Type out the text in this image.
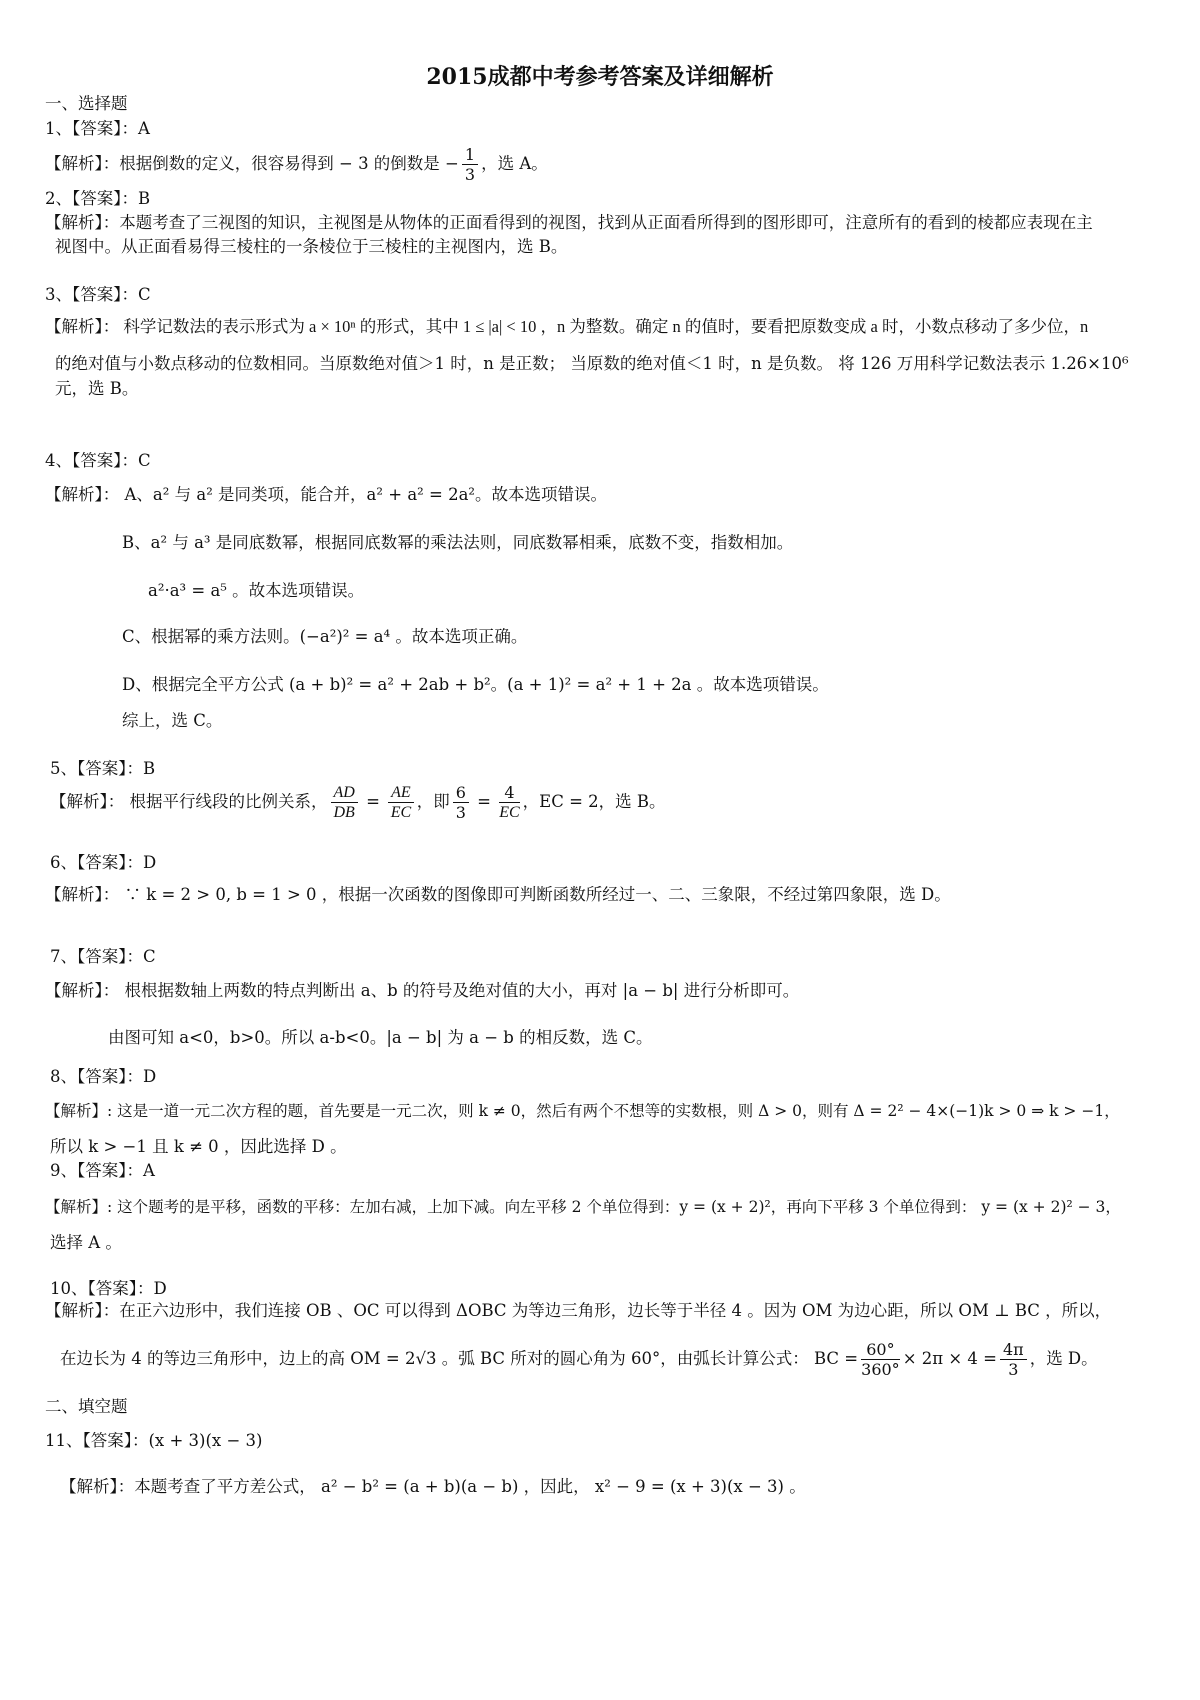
2015成都中考参考答案及详细解析
一、选择题
1、【答案】：A
【解析】：根据倒数的定义，很容易得到 − 3 的倒数是 − $\frac{1}{3}$ ，选 A。
2、【答案】：B
【解析】：本题考查了三视图的知识，主视图是从物体的正面看得到的视图，找到从正面看所得到的图形即可，注意所有的看到的棱都应表现在主
视图中。从正面看易得三棱柱的一条棱位于三棱柱的主视图内，选 B。
3、【答案】：C
【解析】： 科学记数法的表示形式为 a × 10ⁿ 的形式，其中 1 ≤ |a| < 10 ，n 为整数。确定 n 的值时，要看把原数变成 a 时，小数点移动了多少位，n
的绝对值与小数点移动的位数相同。当原数绝对值＞1 时，n 是正数； 当原数的绝对值＜1 时，n 是负数。 将 126 万用科学记数法表示 1.26×10⁶
元，选 B。
4、【答案】：C
【解析】： A、a² 与 a² 是同类项，能合并，a² + a² = 2a²。故本选项错误。
B、a² 与 a³ 是同底数幂，根据同底数幂的乘法法则，同底数幂相乘，底数不变，指数相加。
a²·a³ = a⁵ 。故本选项错误。
C、根据幂的乘方法则。(−a²)² = a⁴ 。故本选项正确。
D、根据完全平方公式 (a + b)² = a² + 2ab + b²。(a + 1)² = a² + 1 + 2a 。故本选项错误。
综上，选 C。
5、【答案】：B
【解析】： 根据平行线段的比例关系， $\frac{AD}{DB} = \frac{AE}{EC}$ ，即 $\frac{6}{3} = \frac{4}{EC}$ ，EC = 2，选 B。
6、【答案】：D
【解析】： ∵ k = 2 > 0, b = 1 > 0 ，根据一次函数的图像即可判断函数所经过一、二、三象限，不经过第四象限，选 D。
7、【答案】：C
【解析】： 根根据数轴上两数的特点判断出 a、b 的符号及绝对值的大小，再对 |a − b| 进行分析即可。
由图可知 a<0，b>0。所以 a-b<0。|a − b| 为 a − b 的相反数，选 C。
8、【答案】：D
【解析】: 这是一道一元二次方程的题，首先要是一元二次，则 k ≠ 0，然后有两个不想等的实数根，则 Δ > 0，则有 Δ = 2² − 4×(−1)k > 0 ⇒ k > −1，
所以 k > −1 且 k ≠ 0 ，因此选择 D 。
9、【答案】：A
【解析】: 这个题考的是平移，函数的平移：左加右减，上加下减。向左平移 2 个单位得到：y = (x + 2)²，再向下平移 3 个单位得到： y = (x + 2)² − 3，
选择 A 。
10、【答案】：D
【解析】：在正六边形中，我们连接 OB 、OC 可以得到 ΔOBC 为等边三角形，边长等于半径 4 。因为 OM 为边心距，所以 OM ⊥ BC ，所以，
在边长为 4 的等边三角形中，边上的高 OM = 2√3 。弧 BC 所对的圆心角为 60°，由弧长计算公式： BC = $\frac{60^\circ}{360^\circ} \times 2\pi \times 4 = \frac{4\pi}{3}$ ，选 D。
二、填空题
11、【答案】：(x + 3)(x − 3)
【解析】：本题考查了平方差公式， a² − b² = (a + b)(a − b) ，因此， x² − 9 = (x + 3)(x − 3) 。
